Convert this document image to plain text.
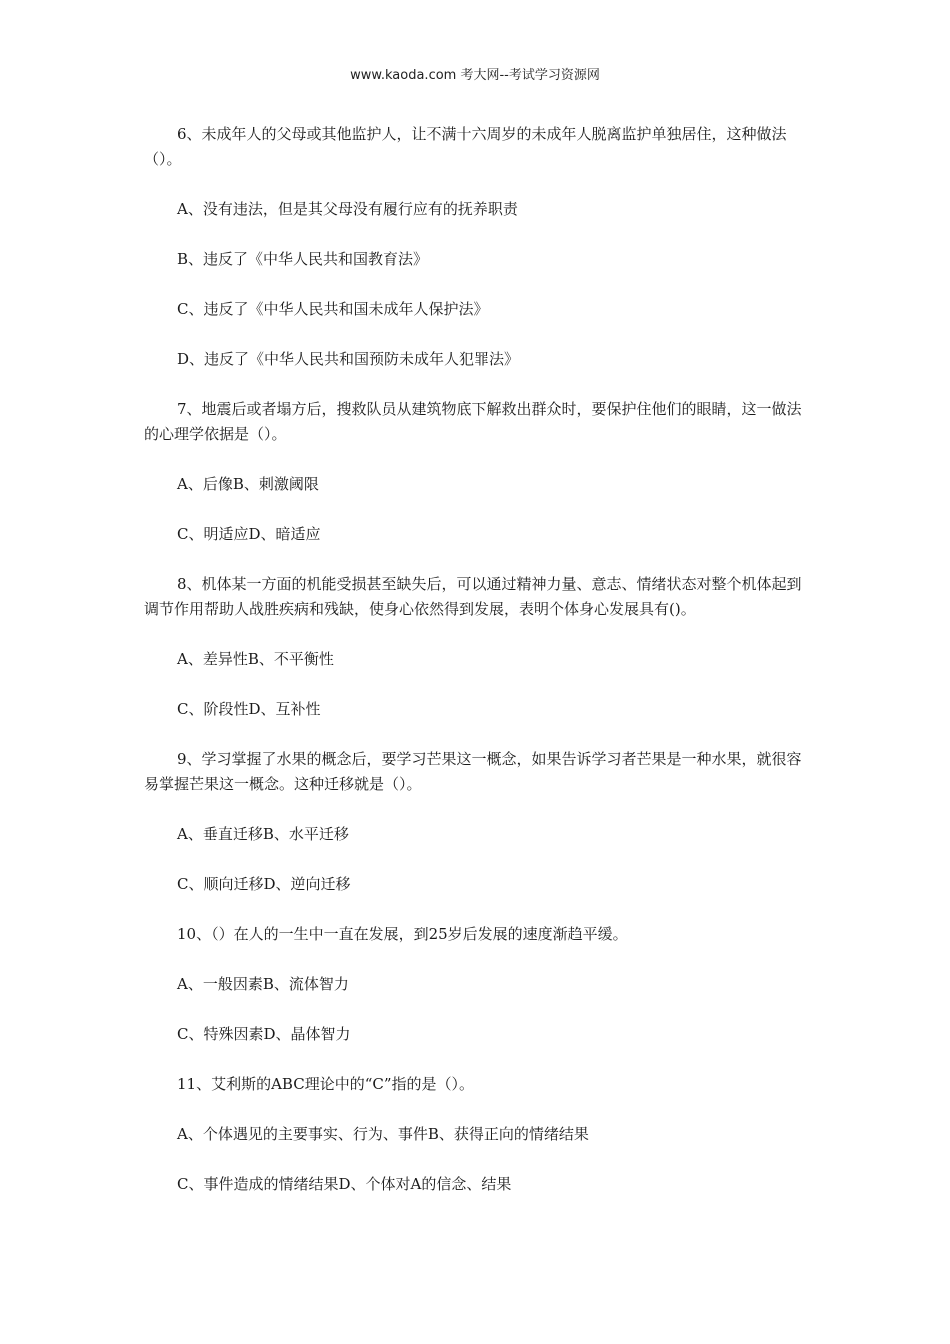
www.kaoda.com 考大网--考试学习资源网

6、未成年人的父母或其他监护人，让不满十六周岁的未成年人脱离监护单独居住，这种做法（）。

A、没有违法，但是其父母没有履行应有的抚养职责

B、违反了《中华人民共和国教育法》

C、违反了《中华人民共和国未成年人保护法》

D、违反了《中华人民共和国预防未成年人犯罪法》

7、地震后或者塌方后，搜救队员从建筑物底下解救出群众时，要保护住他们的眼睛，这一做法的心理学依据是（）。

A、后像B、刺激阈限

C、明适应D、暗适应

8、机体某一方面的机能受损甚至缺失后，可以通过精神力量、意志、情绪状态对整个机体起到调节作用帮助人战胜疾病和残缺，使身心依然得到发展，表明个体身心发展具有()。

A、差异性B、不平衡性

C、阶段性D、互补性

9、学习掌握了水果的概念后，要学习芒果这一概念，如果告诉学习者芒果是一种水果，就很容易掌握芒果这一概念。这种迁移就是（）。

A、垂直迁移B、水平迁移

C、顺向迁移D、逆向迁移

10、（）在人的一生中一直在发展，到25岁后发展的速度渐趋平缓。

A、一般因素B、流体智力

C、特殊因素D、晶体智力

11、艾利斯的ABC理论中的“C”指的是（）。

A、个体遇见的主要事实、行为、事件B、获得正向的情绪结果

C、事件造成的情绪结果D、个体对A的信念、结果
